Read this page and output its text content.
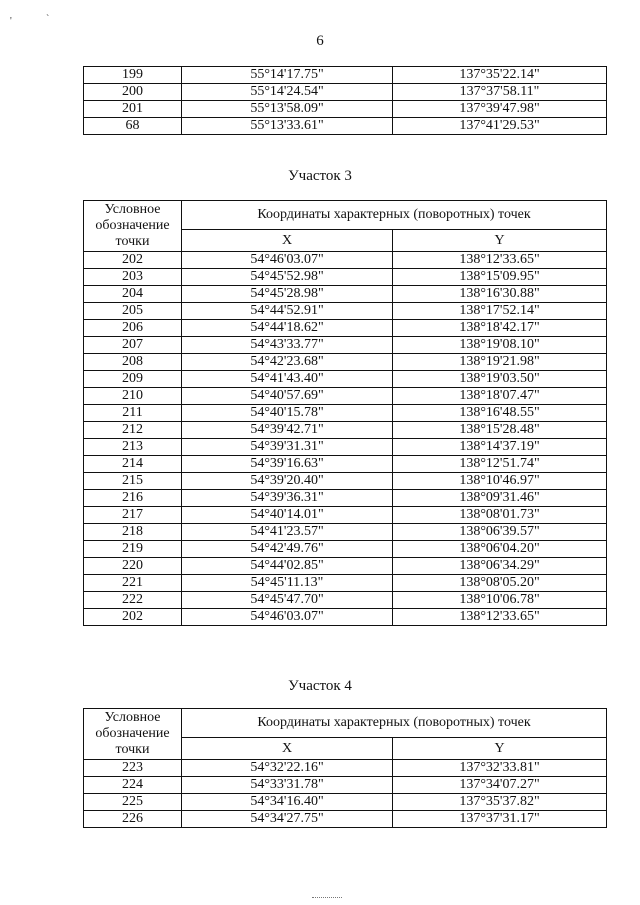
'	`
6
199	55°14'17.75"	137°35'22.14"
200	55°14'24.54"	137°37'58.11"
201	55°13'58.09"	137°39'47.98"
68	55°13'33.61"	137°41'29.53"
Участок 3
Условное обозначение точки	Координаты характерных (поворотных) точек	
	X	Y
202	54°46'03.07"	138°12'33.65"
203	54°45'52.98"	138°15'09.95"
204	54°45'28.98"	138°16'30.88"
205	54°44'52.91"	138°17'52.14"
206	54°44'18.62"	138°18'42.17"
207	54°43'33.77"	138°19'08.10"
208	54°42'23.68"	138°19'21.98"
209	54°41'43.40"	138°19'03.50"
210	54°40'57.69"	138°18'07.47"
211	54°40'15.78"	138°16'48.55"
212	54°39'42.71"	138°15'28.48"
213	54°39'31.31"	138°14'37.19"
214	54°39'16.63"	138°12'51.74"
215	54°39'20.40"	138°10'46.97"
216	54°39'36.31"	138°09'31.46"
217	54°40'14.01"	138°08'01.73"
218	54°41'23.57"	138°06'39.57"
219	54°42'49.76"	138°06'04.20"
220	54°44'02.85"	138°06'34.29"
221	54°45'11.13"	138°08'05.20"
222	54°45'47.70"	138°10'06.78"
202	54°46'03.07"	138°12'33.65"
Участок 4
Условное обозначение точки	Координаты характерных (поворотных) точек	
	X	Y
223	54°32'22.16"	137°32'33.81"
224	54°33'31.78"	137°34'07.27"
225	54°34'16.40"	137°35'37.82"
226	54°34'27.75"	137°37'31.17"
